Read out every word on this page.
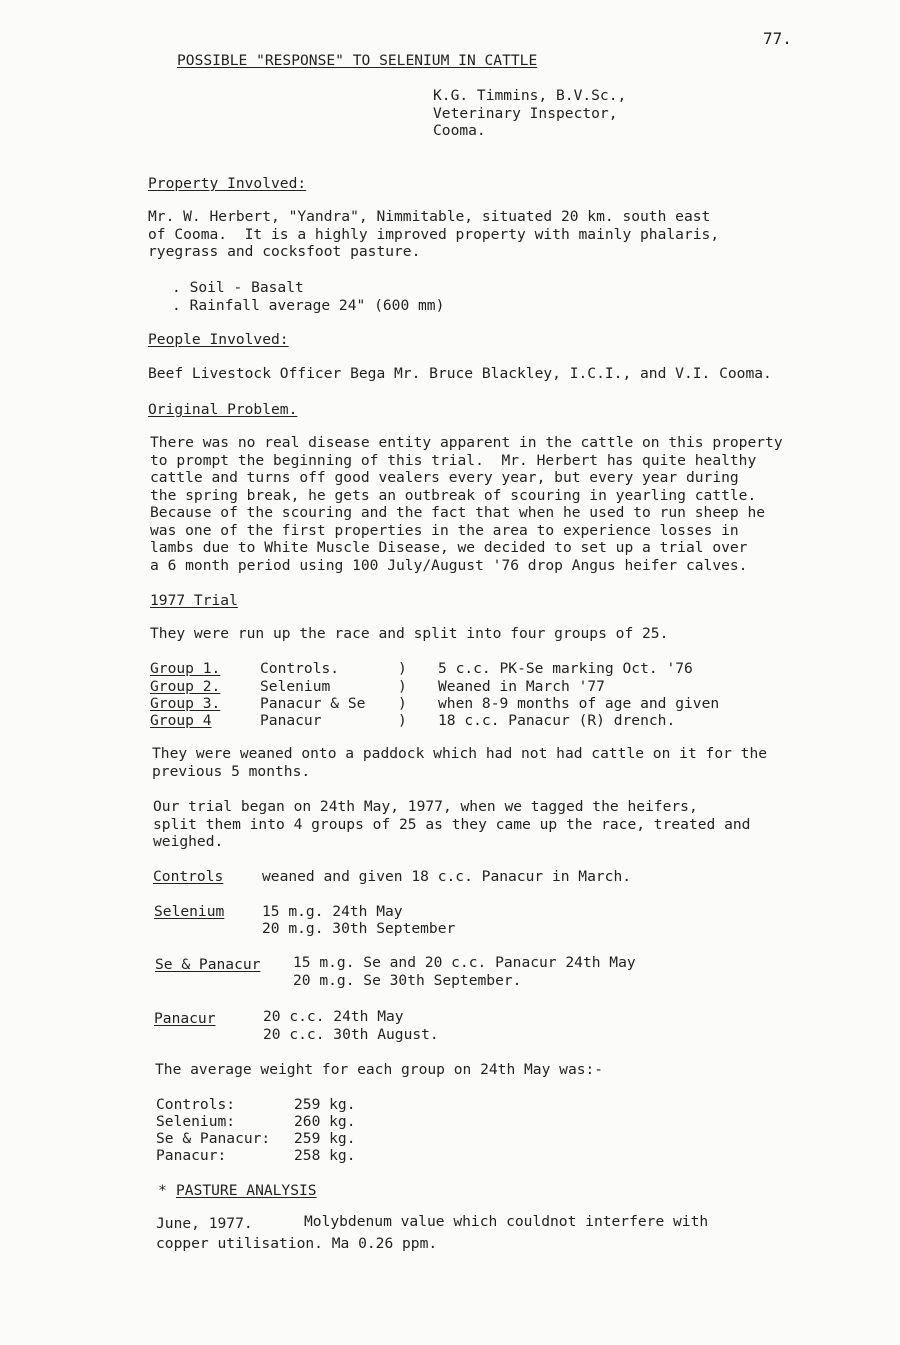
77.
POSSIBLE "RESPONSE" TO SELENIUM IN CATTLE
K.G. Timmins, B.V.Sc.,
Veterinary Inspector,
Cooma.
Property Involved:
Mr. W. Herbert, "Yandra", Nimmitable, situated 20 km. south east
of Cooma.  It is a highly improved property with mainly phalaris,
ryegrass and cocksfoot pasture.
. Soil - Basalt
. Rainfall average 24" (600 mm)
People Involved:
Beef Livestock Officer Bega Mr. Bruce Blackley, I.C.I., and V.I. Cooma.
Original Problem.
There was no real disease entity apparent in the cattle on this property
to prompt the beginning of this trial.  Mr. Herbert has quite healthy
cattle and turns off good vealers every year, but every year during
the spring break, he gets an outbreak of scouring in yearling cattle.
Because of the scouring and the fact that when he used to run sheep he
was one of the first properties in the area to experience losses in
lambs due to White Muscle Disease, we decided to set up a trial over
a 6 month period using 100 July/August '76 drop Angus heifer calves.
1977 Trial
They were run up the race and split into four groups of 25.
Group 1.	Controls.	) 5 c.c. PK-Se marking Oct. '76
Group 2.	Selenium	) Weaned in March '77
Group 3.	Panacur & Se ) when 8-9 months of age and given
Group 4	Panacur	) 18 c.c. Panacur (R) drench.
They were weaned onto a paddock which had not had cattle on it for the
previous 5 months.
Our trial began on 24th May, 1977, when we tagged the heifers,
split them into 4 groups of 25 as they came up the race, treated and
weighed.
Controls	weaned and given 18 c.c. Panacur in March.
Selenium	15 m.g. 24th May
20 m.g. 30th September
Se & Panacur 15 m.g. Se and 20 c.c. Panacur 24th May
20 m.g. Se 30th September.
Panacur	20 c.c. 24th May
20 c.c. 30th August.
The average weight for each group on 24th May was:-
Controls:	259 kg.
Selenium:	260 kg.
Se & Panacur: 259 kg.
Panacur:	258 kg.
* PASTURE ANALYSIS
June, 1977.	Molybdenum value which couldnot interfere with
copper utilisation. Ma 0.26 ppm.
